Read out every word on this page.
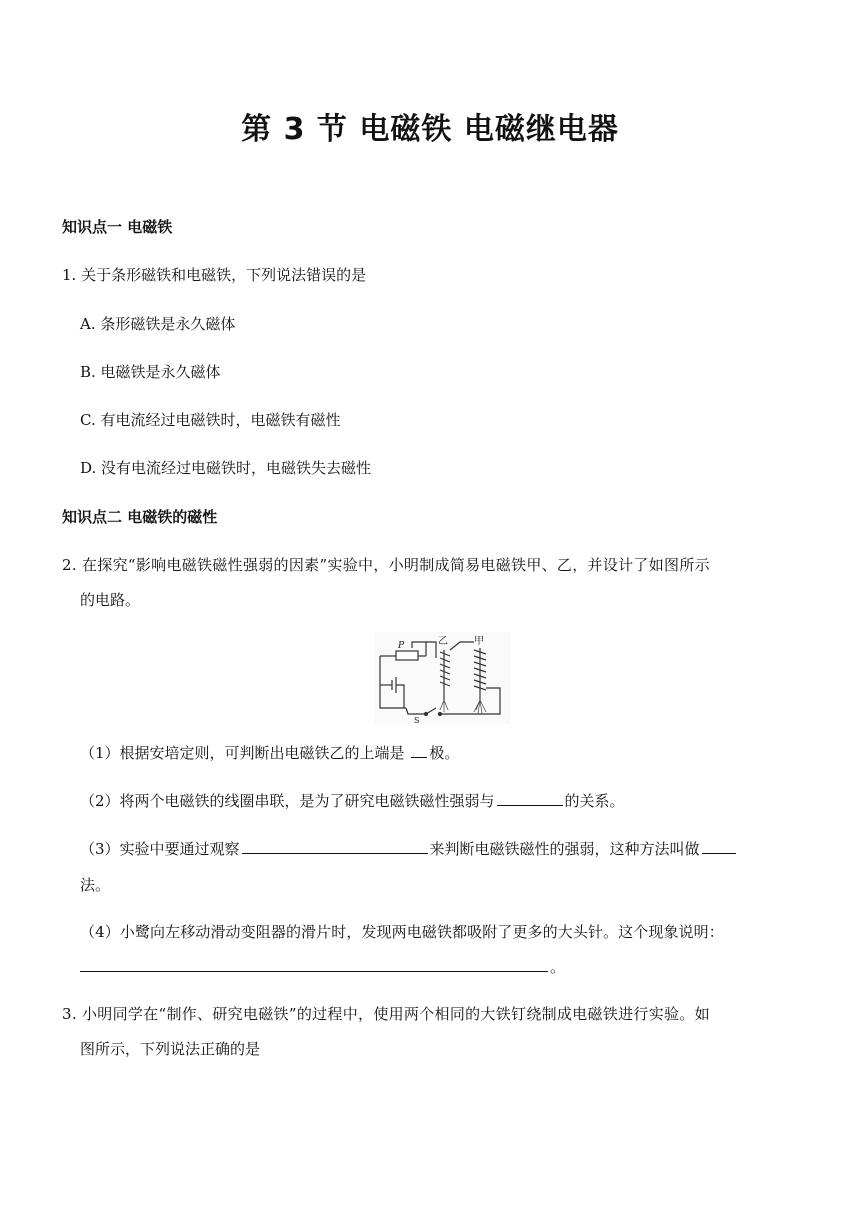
第 3 节 电磁铁 电磁继电器
知识点一 电磁铁
1. 关于条形磁铁和电磁铁，下列说法错误的是
A. 条形磁铁是永久磁体
B. 电磁铁是永久磁体
C. 有电流经过电磁铁时，电磁铁有磁性
D. 没有电流经过电磁铁时，电磁铁失去磁性
知识点二 电磁铁的磁性
2. 在探究“影响电磁铁磁性强弱的因素”实验中，小明制成简易电磁铁甲、乙，并设计了如图所示
的电路。
P	乙	甲
S
（1）根据安培定则，可判断出电磁铁乙的上端是 极。
（2）将两个电磁铁的线圈串联，是为了研究电磁铁磁性强弱与	的关系。
（3）实验中要通过观察	来判断电磁铁磁性的强弱，这种方法叫做
法。
（4）小鹭向左移动滑动变阻器的滑片时，发现两电磁铁都吸附了更多的大头针。这个现象说明：
。
3. 小明同学在“制作、研究电磁铁”的过程中，使用两个相同的大铁钉绕制成电磁铁进行实验。如
图所示，下列说法正确的是
